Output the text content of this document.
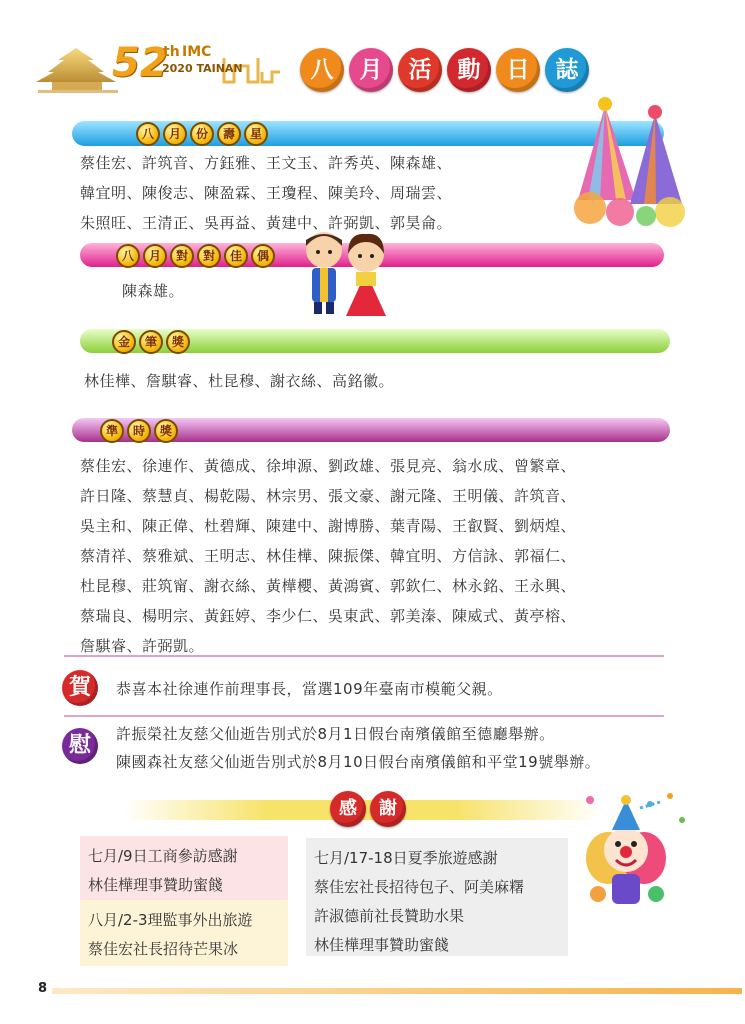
52
th IMC
2020 TAINAN	八	月	活	動	日	誌
八	月	份	壽	星
蔡佳宏、許筑音、方鈺雅、王文玉、許秀英、陳森雄、
韓宜明、陳俊志、陳盈霖、王瓊程、陳美玲、周瑞雲、
朱照旺、王清正、吳再益、黃建中、許弼凱、郭昊侖。
八	月	對	對	佳	偶
陳森雄。
金	筆	獎
林佳樺、詹騏睿、杜昆穆、謝衣絲、高銘徽。
準	時	獎
蔡佳宏、徐連作、黃德成、徐坤源、劉政雄、張見亮、翁水成、曾繁章、
許日隆、蔡慧貞、楊乾陽、林宗男、張文豪、謝元隆、王明儀、許筑音、
吳主和、陳正偉、杜碧輝、陳建中、謝博勝、葉青陽、王叡賢、劉炳煌、
蔡清祥、蔡雅斌、王明志、林佳樺、陳振傑、韓宜明、方信詠、郭福仁、
杜昆穆、莊筑甯、謝衣絲、黃樺櫻、黃鴻賓、郭欽仁、林永銘、王永興、
蔡瑞良、楊明宗、黃鈺婷、李少仁、吳東武、郭美溱、陳威式、黃亭榕、
詹騏睿、許弼凱。
賀	恭喜本社徐連作前理事長，當選109年臺南市模範父親。
慰	許振榮社友慈父仙逝告別式於8月1日假台南殯儀館至德廳舉辦。
陳國森社友慈父仙逝告別式於8月10日假台南殯儀館和平堂19號舉辦。
感	謝
七月/9日工商參訪感謝
林佳樺理事贊助蜜餞
八月/2-3理監事外出旅遊
蔡佳宏社長招待芒果冰
七月/17-18日夏季旅遊感謝
蔡佳宏社長招待包子、阿美麻糬
許淑德前社長贊助水果
林佳樺理事贊助蜜餞
8
